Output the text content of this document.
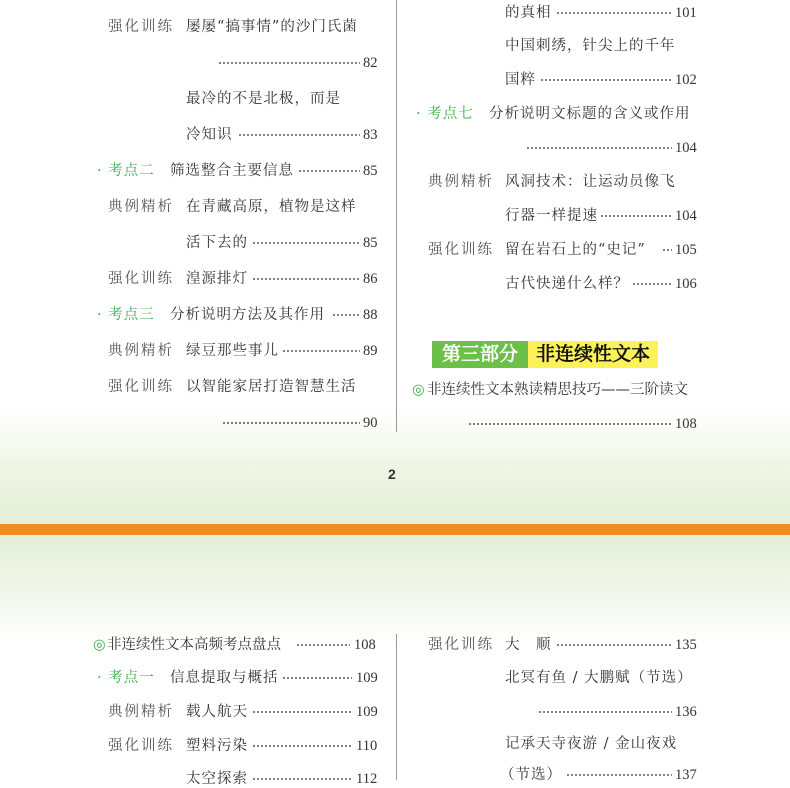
强化训练 屡屡“搞事情”的沙门氏菌
82
最冷的不是北极，而是
冷知识	83
· 考点二 筛选整合主要信息	85
典例精析 在青藏高原，植物是这样
活下去的	85
强化训练 湟源排灯	86
· 考点三 分析说明方法及其作用	88
典例精析 绿豆那些事儿	89
强化训练 以智能家居打造智慧生活
90
的真相	101
中国刺绣，针尖上的千年
国粹	102
· 考点七 分析说明文标题的含义或作用
104
典例精析 风洞技术：让运动员像飞
行器一样提速	104
强化训练 留在岩石上的“史记” 105
古代快递什么样？	106
第三部分 非连续性文本
◎ 非连续性文本熟读精思技巧——三阶读文
108
2
◎ 非连续性文本高频考点盘点	108
· 考点一 信息提取与概括	109
典例精析 载人航天	109
强化训练 塑料污染	110
太空探索	112
强化训练 大　顺	135
北冥有鱼 / 大鹏赋（节选）
136
记承天寺夜游 / 金山夜戏
（节选）	137
